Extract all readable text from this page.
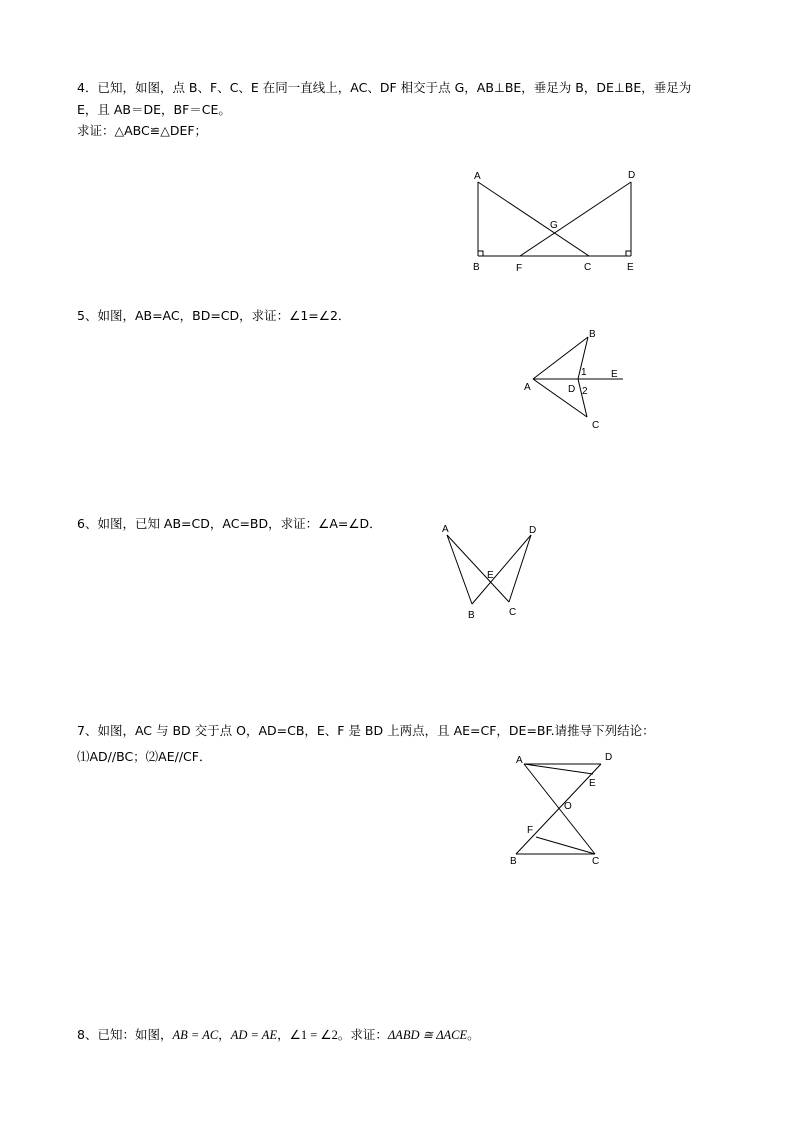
4．已知，如图，点 B、F、C、E 在同一直线上，AC、DF 相交于点 G，AB⊥BE，垂足为 B，DE⊥BE，垂足为
E，且 AB＝DE，BF＝CE。
求证：△ABC≌△DEF；
A	D
G
B	F	C	E
5、如图，AB=AC，BD=CD，求证：∠1=∠2．
B
1 E
A	D 2
C
6、如图，已知 AB=CD，AC=BD，求证：∠A=∠D．	A	D
E
B	C
7、如图，AC 与 BD 交于点 O，AD=CB，E、F 是 BD 上两点，且 AE=CF，DE=BF.请推导下列结论：
⑴AD//BC；⑵AE//CF．	A	D
E
O
F
B	C
8、已知：如图，AB = AC，AD = AE，∠1 = ∠2。求证：ΔABD ≅ ΔACE。
